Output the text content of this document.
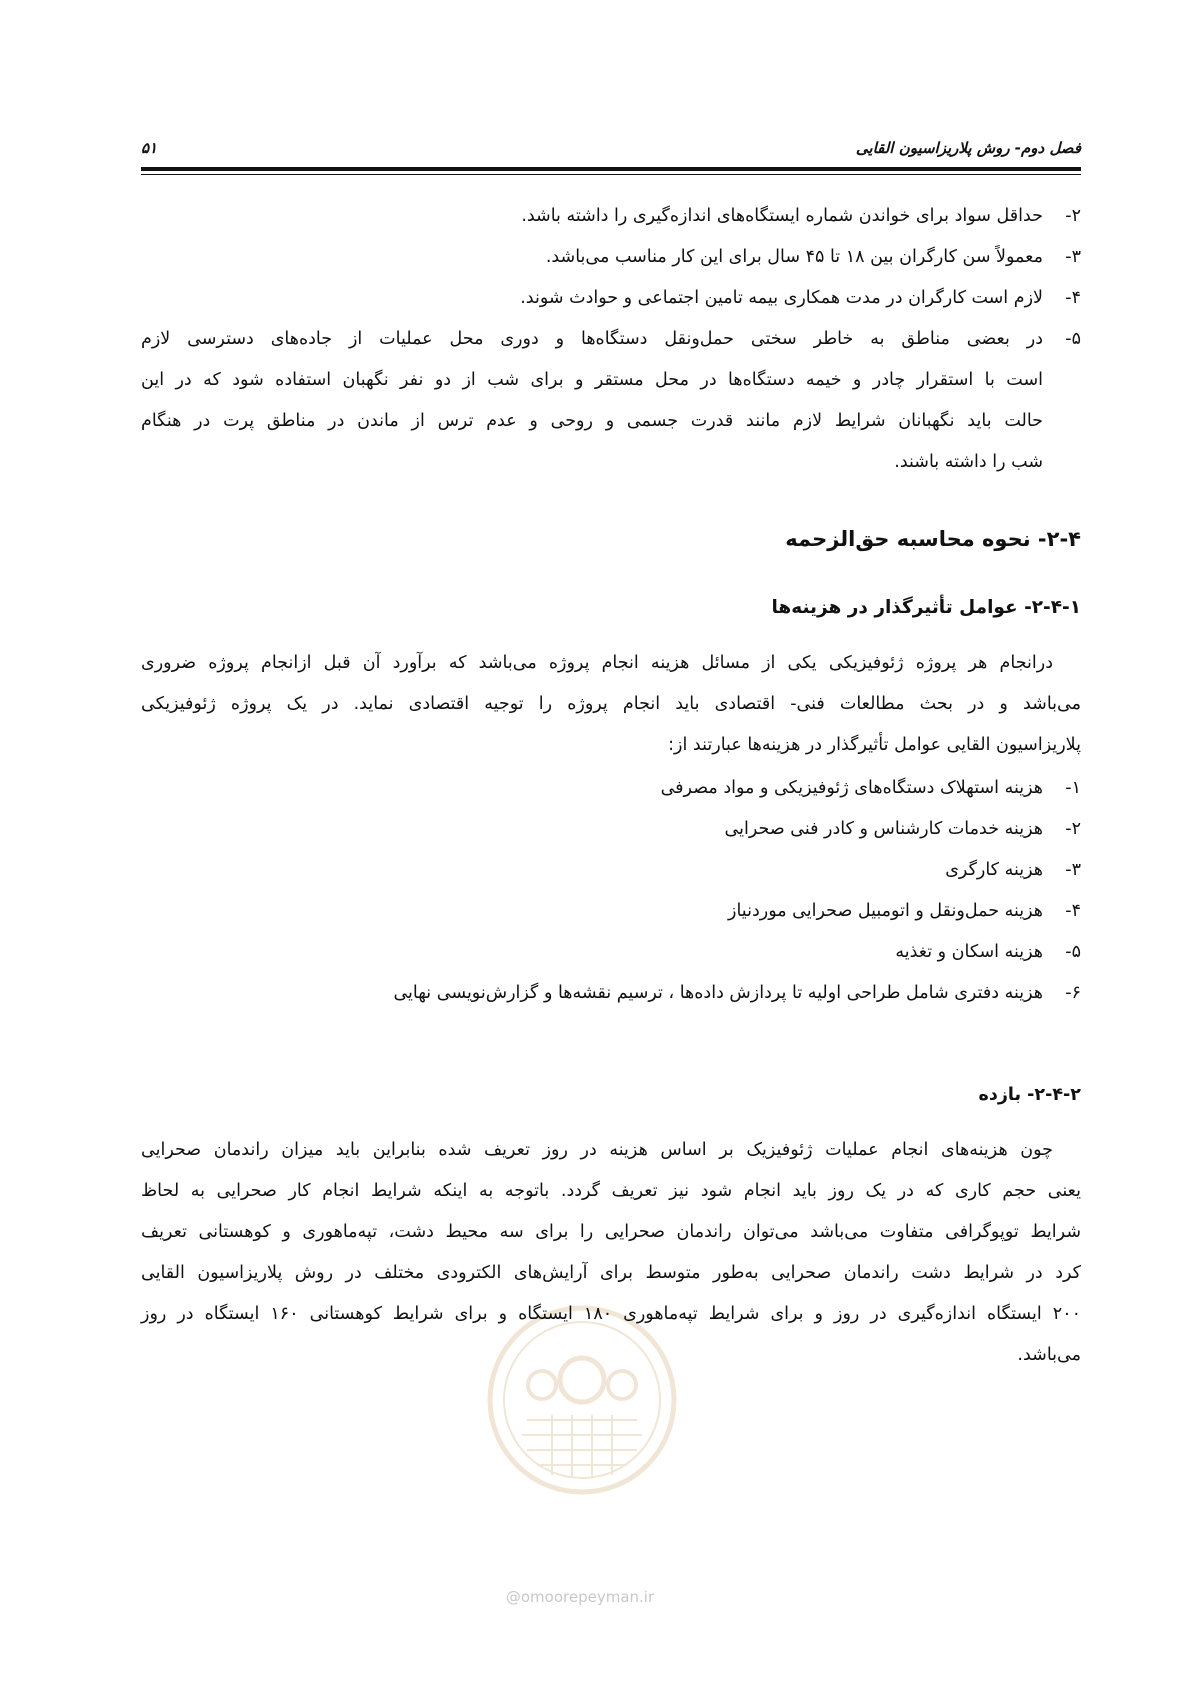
فصل دوم- روش پلاریزاسیون القایی
۵۱
۲-حداقل سواد برای خواندن شماره ایستگاه‌های اندازه‌گیری را داشته باشد.
۳-معمولاً سن کارگران بین ۱۸ تا ۴۵ سال برای این کار مناسب می‌باشد.
۴-لازم است کارگران در مدت همکاری بیمه تامین اجتماعی و حوادث شوند.
۵-
در بعضی مناطق به خاطر سختی حمل‌ونقل دستگاه‌ها و دوری محل عملیات از جاده‌های دسترسی لازم
است با استقرار چادر و خیمه دستگاه‌ها در محل مستقر و برای شب از دو نفر نگهبان استفاده شود که در این
حالت باید نگهبانان شرایط لازم مانند قدرت جسمی و روحی و عدم ترس از ماندن در مناطق پرت در هنگام
شب را داشته باشند.
۲-۴- نحوه محاسبه حق‌الزحمه
۲-۴-۱- عوامل تأثیرگذار در هزینه‌ها
درانجام هر پروژه ژئوفیزیکی یکی از مسائل هزینه انجام پروژه می‌باشد که برآورد آن قبل ازانجام پروژه ضروری
می‌باشد و در بحث مطالعات فنی- اقتصادی باید انجام پروژه را توجیه اقتصادی نماید. در یک پروژه ژئوفیزیکی
پلاریزاسیون القایی عوامل تأثیرگذار در هزینه‌ها عبارتند از:
۱-هزینه استهلاک دستگاه‌های ژئوفیزیکی و مواد مصرفی
۲-هزینه خدمات کارشناس و کادر فنی صحرایی
۳-هزینه کارگری
۴-هزینه حمل‌ونقل و اتومبیل صحرایی موردنیاز
۵-هزینه اسکان و تغذیه
۶-هزینه دفتری شامل طراحی اولیه تا پردازش داده‌ها ، ترسیم نقشه‌ها و گزارش‌نویسی نهایی
۲-۴-۲- بازده
چون هزینه‌های انجام عملیات ژئوفیزیک بر اساس هزینه در روز تعریف شده بنابراین باید میزان راندمان صحرایی
یعنی حجم کاری که در یک روز باید انجام شود نیز تعریف گردد. باتوجه به اینکه شرایط انجام کار صحرایی به لحاظ
شرایط توپوگرافی متفاوت می‌باشد می‌توان راندمان صحرایی را برای سه محیط دشت، تپه‌ماهوری و کوهستانی تعریف
کرد در شرایط دشت راندمان صحرایی به‌طور متوسط برای آرایش‌های الکترودی مختلف در روش پلاریزاسیون القایی
۲۰۰ ایستگاه اندازه‌گیری در روز و برای شرایط تپه‌ماهوری ۱۸۰ ایستگاه و برای شرایط کوهستانی ۱۶۰ ایستگاه در روز
می‌باشد.
@omoorepeyman.ir
